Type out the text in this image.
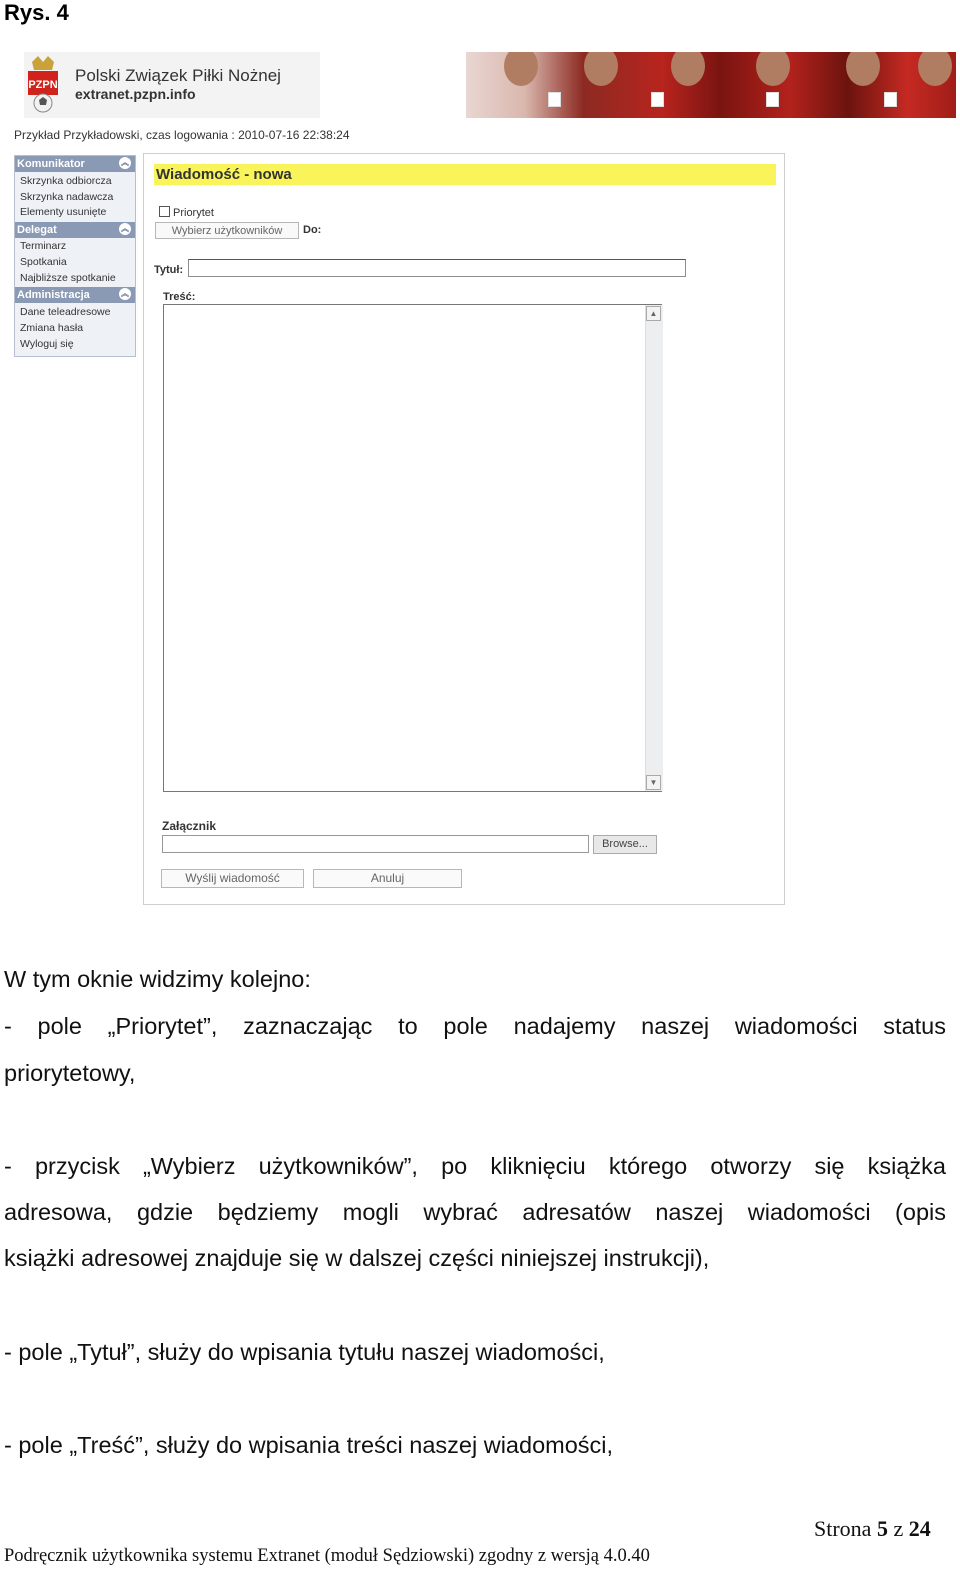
Rys. 4
PZPN Polski Związek Piłki Nożnej
extranet.pzpn.info
Przykład Przykładowski, czas logowania : 2010-07-16 22:38:24
Komunikator	︽
Skrzynka odbiorcza
Skrzynka nadawcza
Elementy usunięte
Delegat	︽
Terminarz
Spotkania
Najbliższe spotkanie
Administracja	︽
Dane teleadresowe
Zmiana hasła
Wyloguj się
Wiadomość - nowa
Priorytet
Wybierz użytkowników	Do:
Tytuł:
Treść:
▲
▼
Załącznik
Browse...
Wyślij wiadomość	Anuluj
W tym oknie widzimy kolejno:
- pole „Priorytet”, zaznaczając to pole nadajemy naszej wiadomości status
priorytetowy,
- przycisk „Wybierz użytkowników”, po kliknięciu którego otworzy się książka
adresowa, gdzie będziemy mogli wybrać adresatów naszej wiadomości (opis
książki adresowej znajduje się w dalszej części niniejszej instrukcji),
- pole „Tytuł”, służy do wpisania tytułu naszej wiadomości,
- pole „Treść”, służy do wpisania treści naszej wiadomości,
Strona 5 z 24
Podręcznik użytkownika systemu Extranet (moduł Sędziowski) zgodny z wersją 4.0.40
